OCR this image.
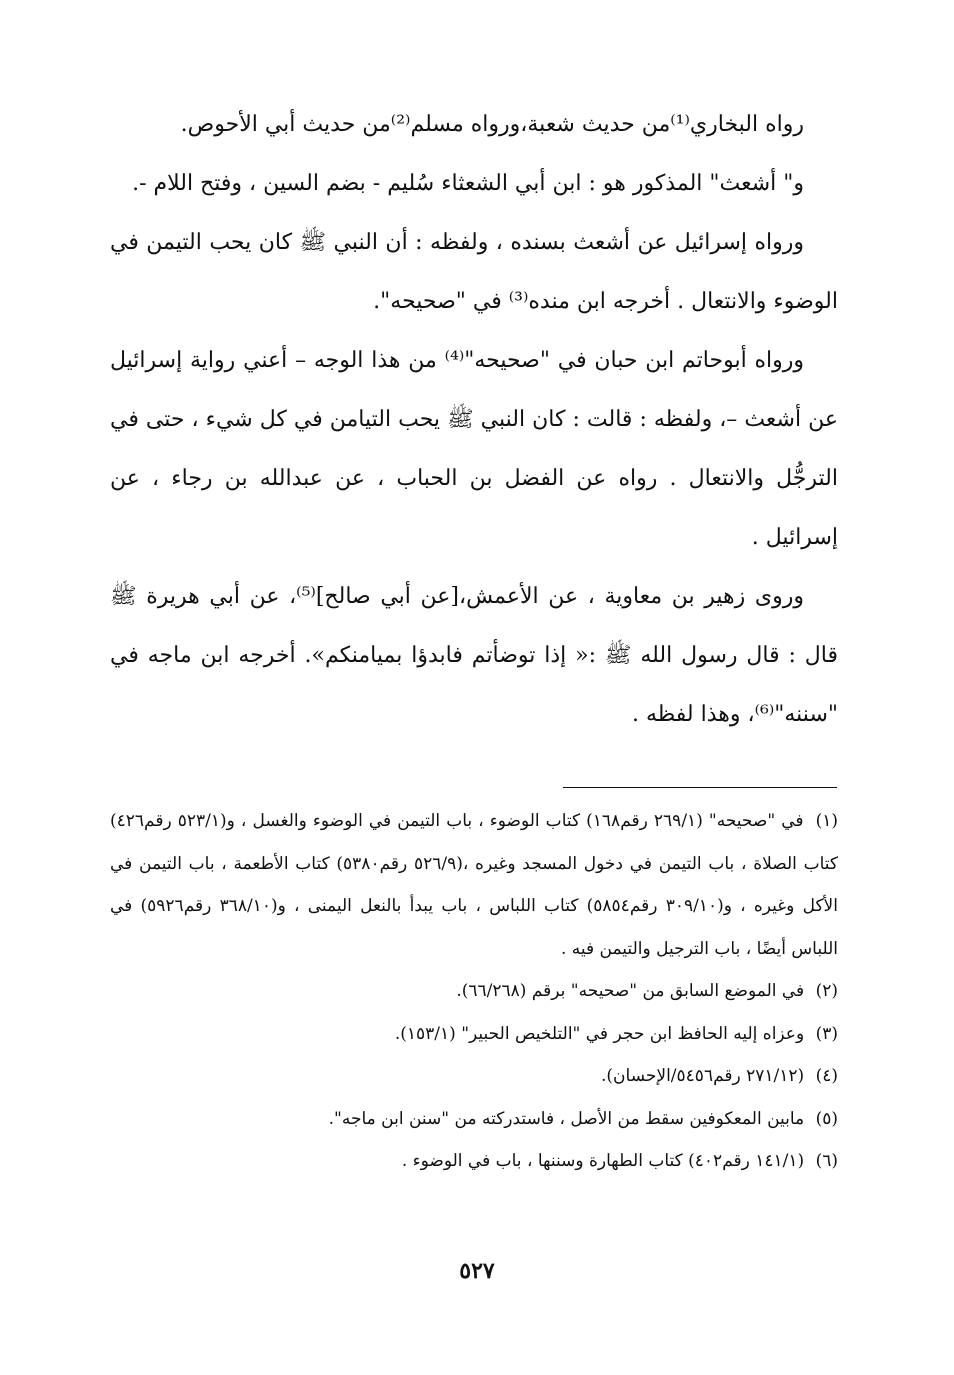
رواه البخاري⁽¹⁾من حديث شعبة،ورواه مسلم⁽²⁾من حديث أبي الأحوص.

و" أشعث" المذكور هو : ابن أبي الشعثاء سُليم - بضم السين ، وفتح اللام -.

ورواه إسرائيل عن أشعث بسنده ، ولفظه : أن النبي ﷺ كان يحب التيمن في الوضوء والانتعال . أخرجه ابن منده⁽³⁾ في "صحيحه".

ورواه أبوحاتم ابن حبان في "صحيحه"⁽⁴⁾ من هذا الوجه – أعني رواية إسرائيل عن أشعث –، ولفظه : قالت : كان النبي ﷺ يحب التيامن في كل شيء ، حتى في الترجُّل والانتعال . رواه عن الفضل بن الحباب ، عن عبدالله بن رجاء ، عن إسرائيل .

وروى زهير بن معاوية ، عن الأعمش،[عن أبي صالح]⁽⁵⁾، عن أبي هريرة ﷺ قال : قال رسول الله ﷺ :« إذا توضأتم فابدؤا بميامنكم». أخرجه ابن ماجه في "سننه"⁽⁶⁾، وهذا لفظه .

(١) في "صحيحه" (٢٦٩/١ رقم١٦٨) كتاب الوضوء ، باب التيمن في الوضوء والغسل ، و(٥٢٣/١ رقم٤٢٦) كتاب الصلاة ، باب التيمن في دخول المسجد وغيره ،(٥٢٦/٩ رقم٥٣٨٠) كتاب الأطعمة ، باب التيمن في الأكل وغيره ، و(٣٠٩/١٠ رقم٥٨٥٤) كتاب اللباس ، باب يبدأ بالنعل اليمنى ، و(٣٦٨/١٠ رقم٥٩٢٦) في اللباس أيضًا ، باب الترجيل والتيمن فيه .
(٢) في الموضع السابق من "صحيحه" برقم (٦٦/٢٦٨).
(٣) وعزاه إليه الحافظ ابن حجر في "التلخيص الحبير" (١٥٣/١).
(٤) (٢٧١/١٢ رقم٥٤٥٦/الإحسان).
(٥) مابين المعكوفين سقط من الأصل ، فاستدركته من "سنن ابن ماجه".
(٦) (١٤١/١ رقم٤٠٢) كتاب الطهارة وسننها ، باب في الوضوء .
٥٢٧
